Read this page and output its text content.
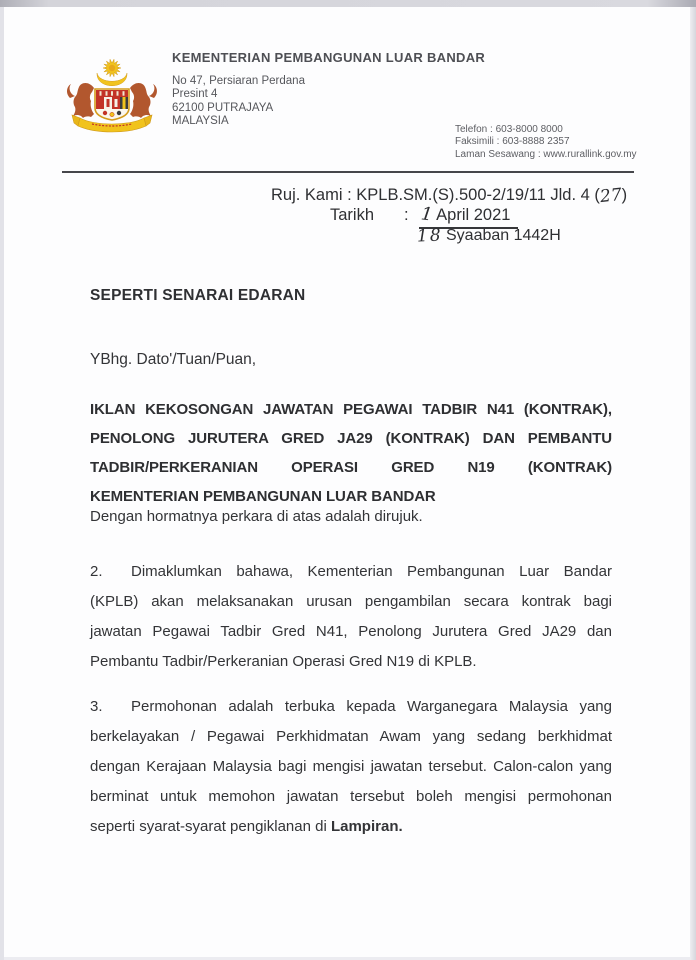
KEMENTERIAN PEMBANGUNAN LUAR BANDAR
No 47, Persiaran Perdana
Presint 4
62100 PUTRAJAYA
MALAYSIA
Telefon : 603-8000 8000
Faksimili : 603-8888 2357
Laman Sesawang : www.rurallink.gov.my
Ruj. Kami : KPLB.SM.(S).500-2/19/11 Jld. 4 (27)
Tarikh : 1 April 2021
18 Syaaban 1442H
SEPERTI SENARAI EDARAN
YBhg. Dato'/Tuan/Puan,
IKLAN KEKOSONGAN JAWATAN PEGAWAI TADBIR N41 (KONTRAK),
PENOLONG JURUTERA GRED JA29 (KONTRAK) DAN PEMBANTU
TADBIR/PERKERANIAN OPERASI GRED N19 (KONTRAK)
KEMENTERIAN PEMBANGUNAN LUAR BANDAR
Dengan hormatnya perkara di atas adalah dirujuk.
2. Dimaklumkan bahawa, Kementerian Pembangunan Luar Bandar
(KPLB) akan melaksanakan urusan pengambilan secara kontrak bagi
jawatan Pegawai Tadbir Gred N41, Penolong Jurutera Gred JA29 dan
Pembantu Tadbir/Perkeranian Operasi Gred N19 di KPLB.
3. Permohonan adalah terbuka kepada Warganegara Malaysia yang
berkelayakan / Pegawai Perkhidmatan Awam yang sedang berkhidmat
dengan Kerajaan Malaysia bagi mengisi jawatan tersebut. Calon-calon yang
berminat untuk memohon jawatan tersebut boleh mengisi permohonan
seperti syarat-syarat pengiklanan di Lampiran.
